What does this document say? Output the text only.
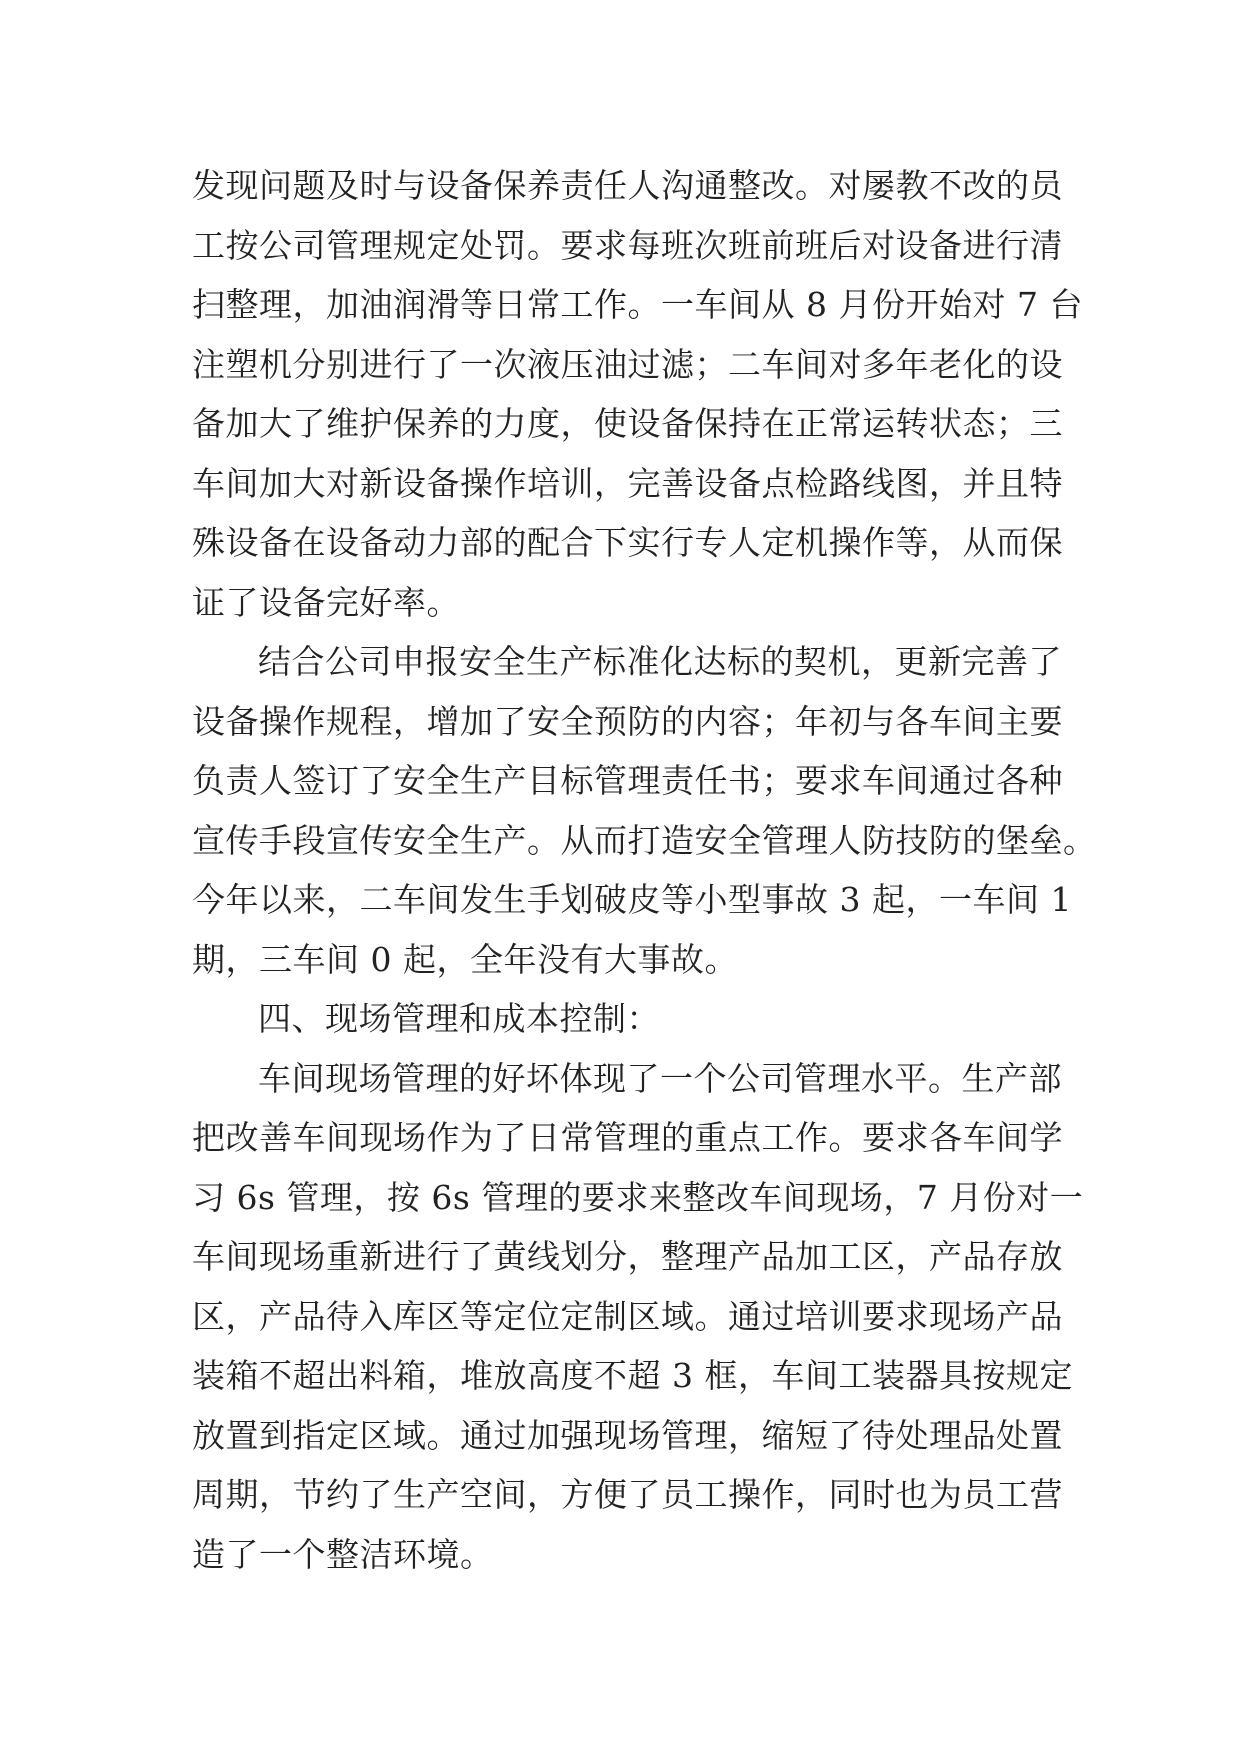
发现问题及时与设备保养责任人沟通整改。对屡教不改的员
工按公司管理规定处罚。要求每班次班前班后对设备进行清
扫整理，加油润滑等日常工作。一车间从 8 月份开始对 7 台
注塑机分别进行了一次液压油过滤；二车间对多年老化的设
备加大了维护保养的力度，使设备保持在正常运转状态；三
车间加大对新设备操作培训，完善设备点检路线图，并且特
殊设备在设备动力部的配合下实行专人定机操作等，从而保
证了设备完好率。
结合公司申报安全生产标准化达标的契机，更新完善了
设备操作规程，增加了安全预防的内容；年初与各车间主要
负责人签订了安全生产目标管理责任书；要求车间通过各种
宣传手段宣传安全生产。从而打造安全管理人防技防的堡垒。
今年以来，二车间发生手划破皮等小型事故 3 起，一车间 1
期，三车间 0 起，全年没有大事故。
四、现场管理和成本控制：
车间现场管理的好坏体现了一个公司管理水平。生产部
把改善车间现场作为了日常管理的重点工作。要求各车间学
习 6s 管理，按 6s 管理的要求来整改车间现场，7 月份对一
车间现场重新进行了黄线划分，整理产品加工区，产品存放
区，产品待入库区等定位定制区域。通过培训要求现场产品
装箱不超出料箱，堆放高度不超 3 框，车间工装器具按规定
放置到指定区域。通过加强现场管理，缩短了待处理品处置
周期，节约了生产空间，方便了员工操作，同时也为员工营
造了一个整洁环境。
